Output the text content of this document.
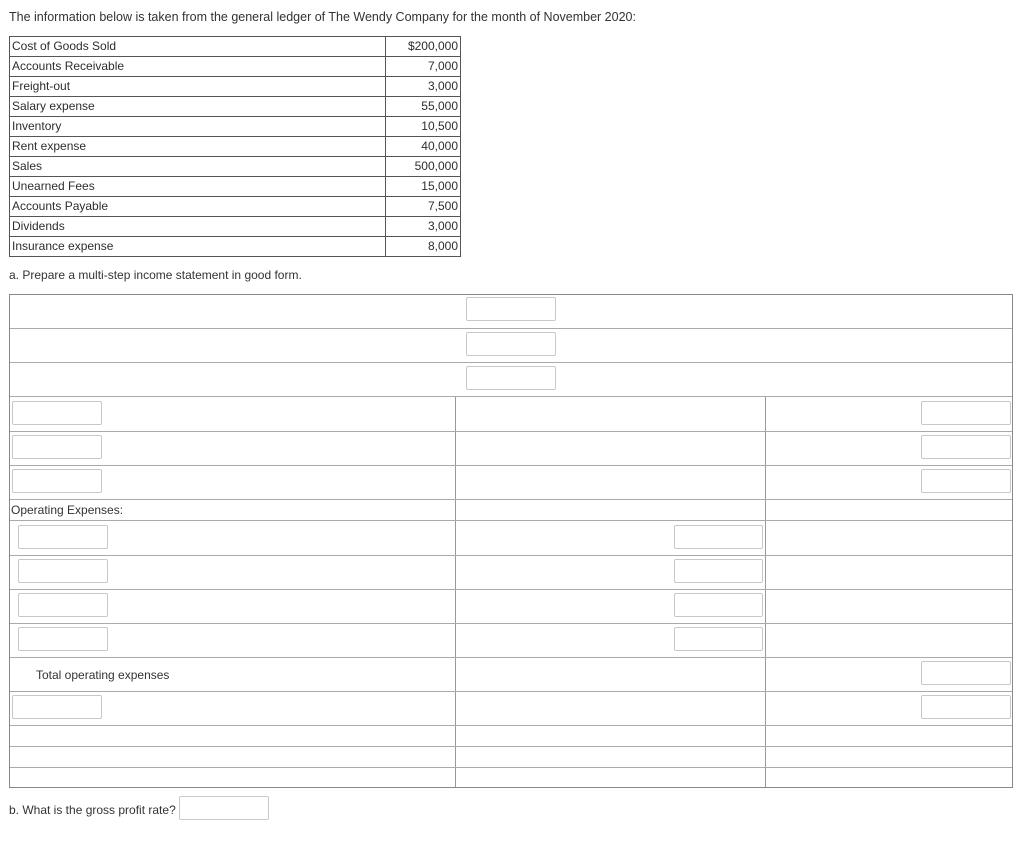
The information below is taken from the general ledger of The Wendy Company for the month of November 2020:
Cost of Goods Sold	$200,000
Accounts Receivable	7,000
Freight-out	3,000
Salary expense	55,000
Inventory	10,500
Rent expense	40,000
Sales	500,000
Unearned Fees	15,000
Accounts Payable	7,500
Dividends	3,000
Insurance expense	8,000
a. Prepare a multi-step income statement in good form.
Operating Expenses:
Total operating expenses
b. What is the gross profit rate?
